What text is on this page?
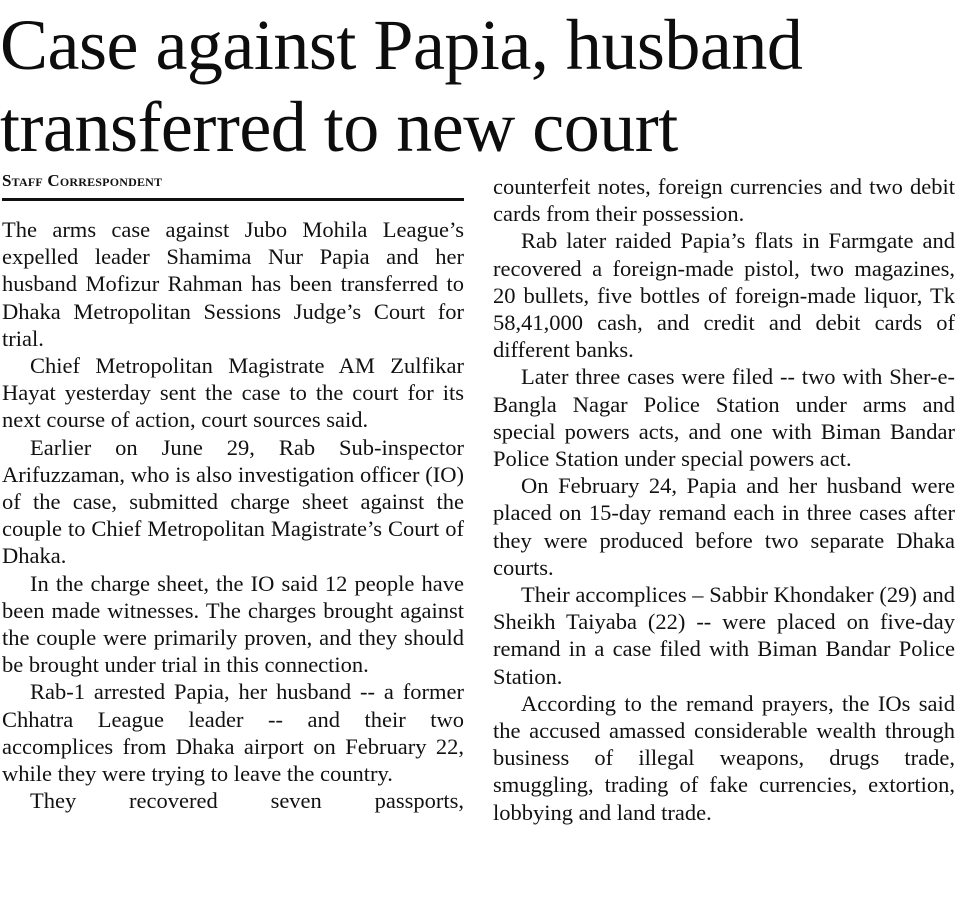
Case against Papia, husband transferred to new court
Staff Correspondent

The arms case against Jubo Mohila League’s expelled leader Shamima Nur Papia and her husband Mofizur Rahman has been transferred to Dhaka Metropolitan Sessions Judge’s Court for trial.

Chief Metropolitan Magistrate AM Zulfikar Hayat yesterday sent the case to the court for its next course of action, court sources said.

Earlier on June 29, Rab Sub-inspector Arifuzzaman, who is also investigation officer (IO) of the case, submitted charge sheet against the couple to Chief Metropolitan Magistrate’s Court of Dhaka.

In the charge sheet, the IO said 12 people have been made witnesses. The charges brought against the couple were primarily proven, and they should be brought under trial in this connection.

Rab-1 arrested Papia, her husband -- a former Chhatra League leader -- and their two accomplices from Dhaka airport on February 22, while they were trying to leave the country.

They recovered seven passports,

counterfeit notes, foreign currencies and two debit cards from their possession.

Rab later raided Papia’s flats in Farmgate and recovered a foreign-made pistol, two magazines, 20 bullets, five bottles of foreign-made liquor, Tk 58,41,000 cash, and credit and debit cards of different banks.

Later three cases were filed -- two with Sher-e-Bangla Nagar Police Station under arms and special powers acts, and one with Biman Bandar Police Station under special powers act.

On February 24, Papia and her husband were placed on 15-day remand each in three cases after they were produced before two separate Dhaka courts.

Their accomplices – Sabbir Khondaker (29) and Sheikh Taiyaba (22) -- were placed on five-day remand in a case filed with Biman Bandar Police Station.

According to the remand prayers, the IOs said the accused amassed considerable wealth through business of illegal weapons, drugs trade, smuggling, trading of fake currencies, extortion, lobbying and land trade.
